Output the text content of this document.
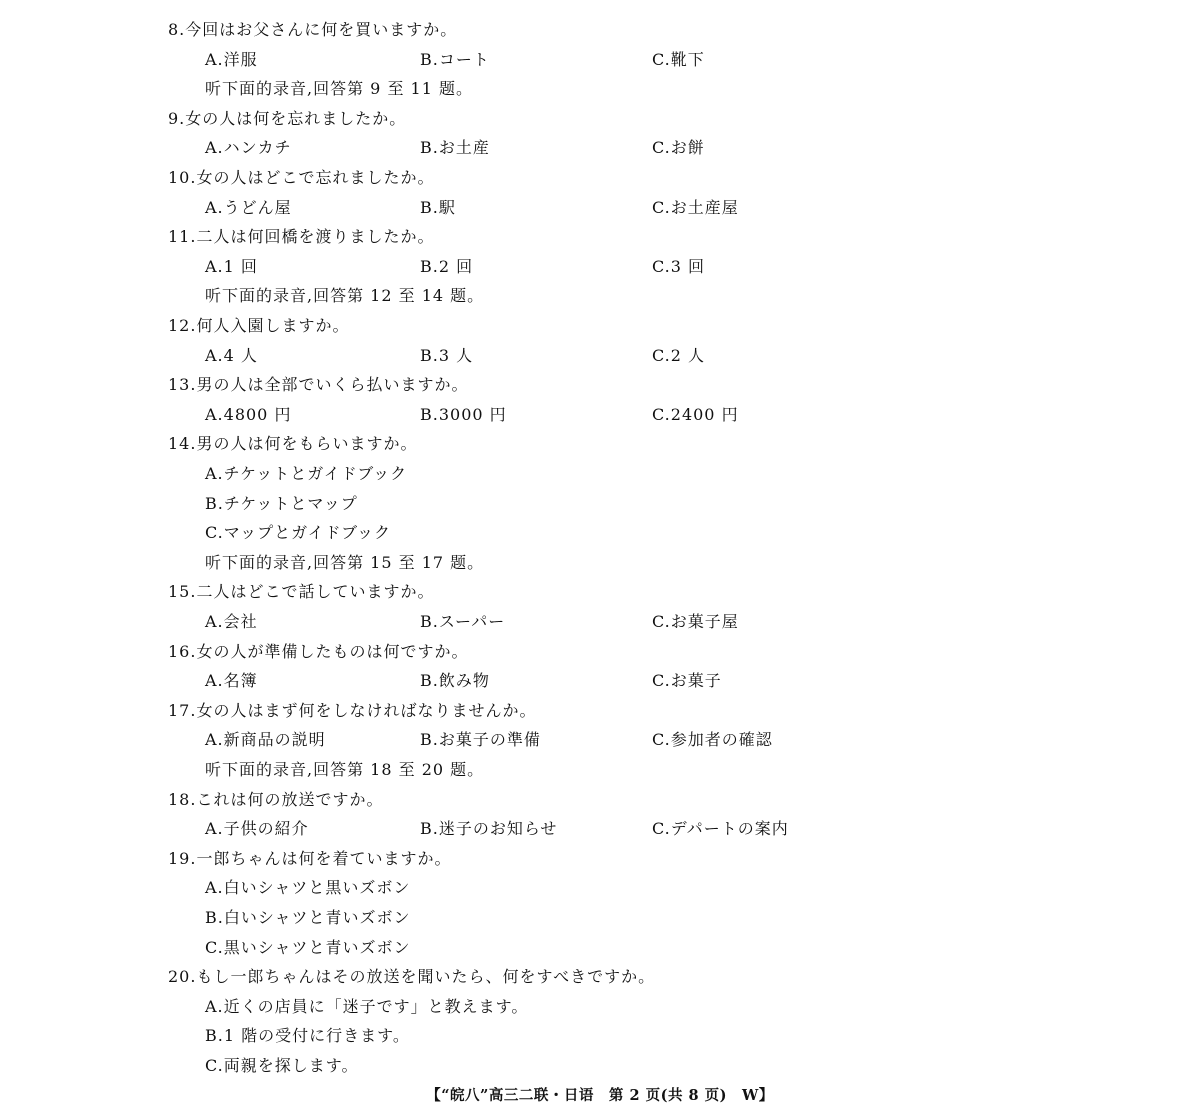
【“皖八”高三二联・日语　第 2 页(共 8 页)　W】
8.今回はお父さんに何を買いますか。
A.洋服	B.コート	C.靴下
听下面的录音,回答第 9 至 11 题。
9.女の人は何を忘れましたか。
A.ハンカチ	B.お土産	C.お餅
10.女の人はどこで忘れましたか。
A.うどん屋	B.駅	C.お土産屋
11.二人は何回橋を渡りましたか。
A.1 回	B.2 回	C.3 回
听下面的录音,回答第 12 至 14 题。
12.何人入園しますか。
A.4 人	B.3 人	C.2 人
13.男の人は全部でいくら払いますか。
A.4800 円	B.3000 円	C.2400 円
14.男の人は何をもらいますか。
A.チケットとガイドブック
B.チケットとマップ
C.マップとガイドブック
听下面的录音,回答第 15 至 17 题。
15.二人はどこで話していますか。
A.会社	B.スーパー	C.お菓子屋
16.女の人が準備したものは何ですか。
A.名簿	B.飲み物	C.お菓子
17.女の人はまず何をしなければなりませんか。
A.新商品の説明	B.お菓子の準備	C.参加者の確認
听下面的录音,回答第 18 至 20 题。
18.これは何の放送ですか。
A.子供の紹介	B.迷子のお知らせ	C.デパートの案内
19.一郎ちゃんは何を着ていますか。
A.白いシャツと黒いズボン
B.白いシャツと青いズボン
C.黒いシャツと青いズボン
20.もし一郎ちゃんはその放送を聞いたら、何をすべきですか。
A.近くの店員に「迷子です」と教えます。
B.1 階の受付に行きます。
C.両親を探します。
